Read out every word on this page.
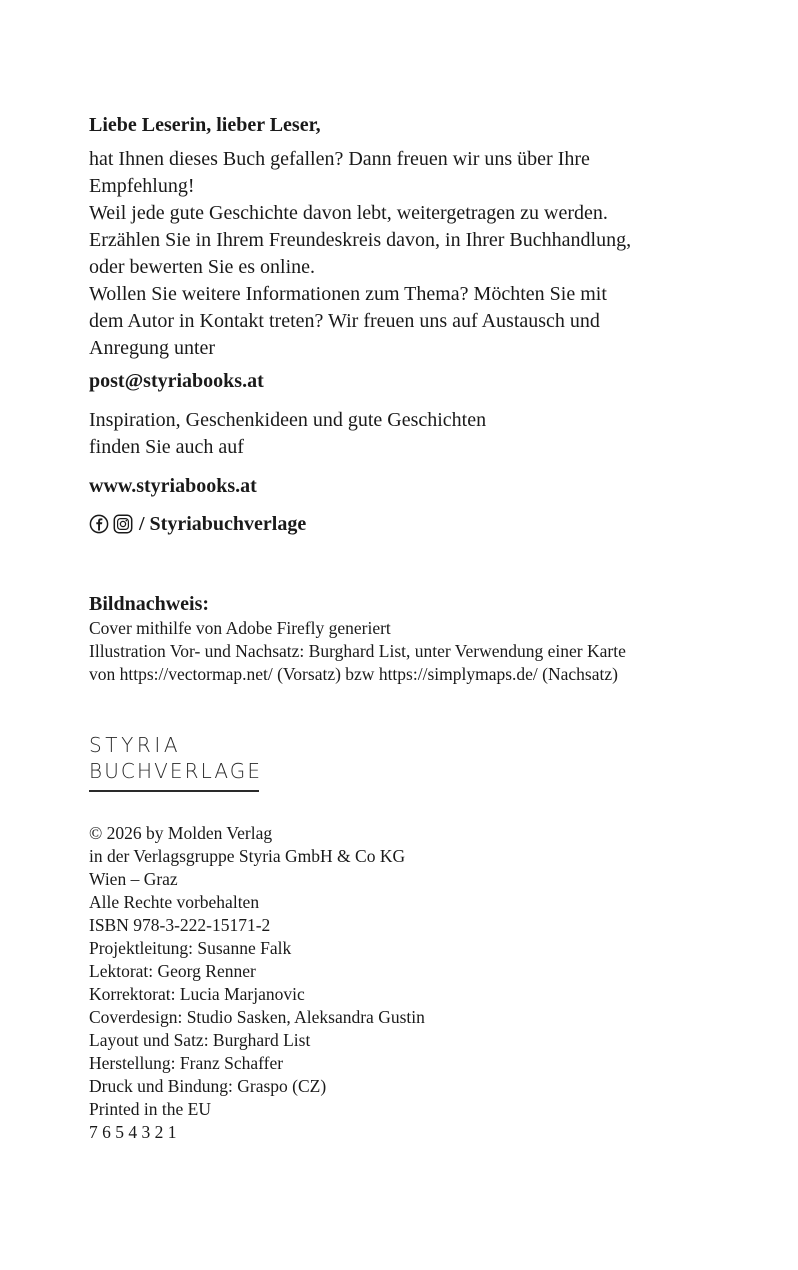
Liebe Leserin, lieber Leser,
hat Ihnen dieses Buch gefallen? Dann freuen wir uns über Ihre
Empfehlung!
Weil jede gute Geschichte davon lebt, weitergetragen zu werden.
Erzählen Sie in Ihrem Freundeskreis davon, in Ihrer Buchhandlung,
oder bewerten Sie es online.
Wollen Sie weitere Informationen zum Thema? Möchten Sie mit
dem Autor in Kontakt treten? Wir freuen uns auf Austausch und
Anregung unter
post@styriabooks.at
Inspiration, Geschenkideen und gute Geschichten
finden Sie auch auf
www.styriabooks.at
/ Styriabuchverlage
Bildnachweis:
Cover mithilfe von Adobe Firefly generiert
Illustration Vor- und Nachsatz: Burghard List, unter Verwendung einer Karte
von https://vectormap.net/ (Vorsatz) bzw https://simplymaps.de/ (Nachsatz)
STYRIA
BUCHVERLAGE
© 2026 by Molden Verlag
in der Verlagsgruppe Styria GmbH & Co KG
Wien – Graz
Alle Rechte vorbehalten
ISBN 978-3-222-15171-2
Projektleitung: Susanne Falk
Lektorat: Georg Renner
Korrektorat: Lucia Marjanovic
Coverdesign: Studio Sasken, Aleksandra Gustin
Layout und Satz: Burghard List
Herstellung: Franz Schaffer
Druck und Bindung: Graspo (CZ)
Printed in the EU
7 6 5 4 3 2 1
